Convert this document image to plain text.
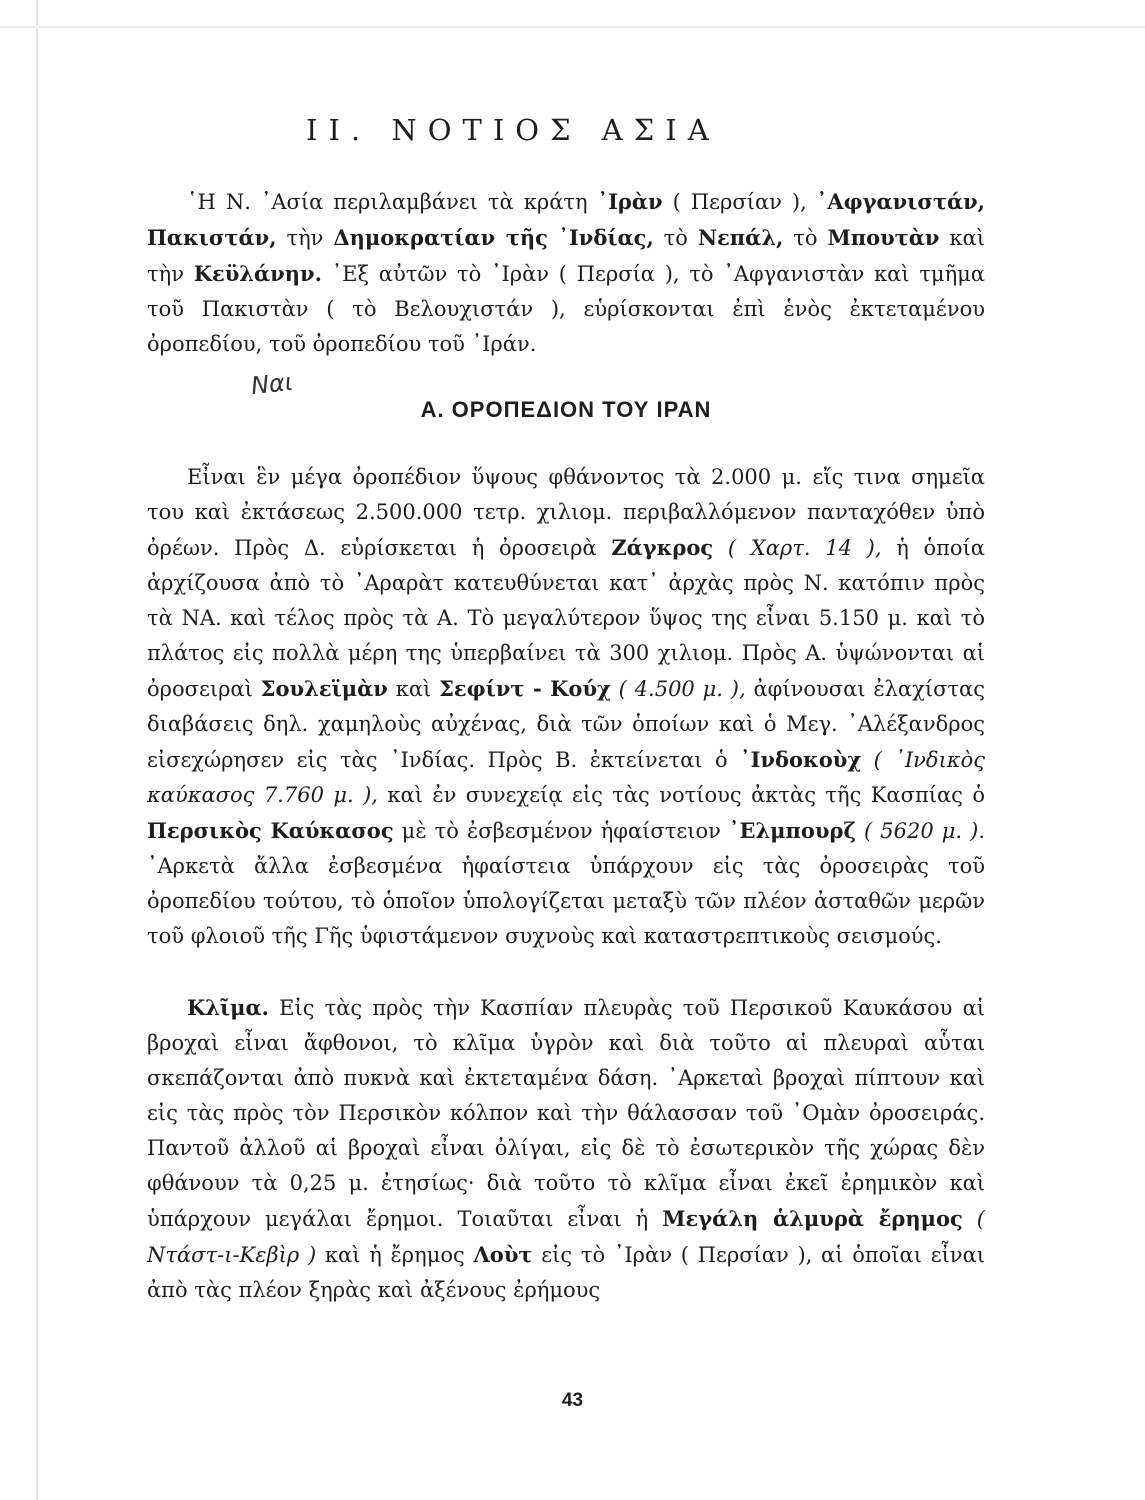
ΙΙ. ΝΟΤΙΟΣ ΑΣΙΑ

῾Η Ν. ᾿Ασία περιλαμβάνει τὰ κράτη ᾿Ιρὰν ( Περσίαν ), ᾿Αφγανιστάν, Πακιστάν, τὴν Δημοκρατίαν τῆς ᾿Ινδίας, τὸ Νεπάλ, τὸ Μπουτὰν καὶ τὴν Κεϋλάνην. ᾿Εξ αὐτῶν τὸ ᾿Ιρὰν ( Περσία ), τὸ ᾿Αφγανιστὰν καὶ τμῆμα τοῦ Πακιστὰν ( τὸ Βελουχιστάν ), εὑρίσκονται ἐπὶ ἑνὸς ἐκτεταμένου ὀροπεδίου, τοῦ ὀροπεδίου τοῦ ᾿Ιράν.

Ναι
Α. ΟΡΟΠΕΔΙΟΝ ΤΟΥ ΙΡΑΝ

Εἶναι ἓν μέγα ὀροπέδιον ὕψους φθάνοντος τὰ 2.000 μ. εἴς τινα σημεῖα του καὶ ἐκτάσεως 2.500.000 τετρ. χιλιομ. περιβαλλόμενον πανταχόθεν ὑπὸ ὀρέων. Πρὸς Δ. εὑρίσκεται ἡ ὀροσειρὰ Ζάγκρος ( Χαρτ. 14 ), ἡ ὁποία ἀρχίζουσα ἀπὸ τὸ ᾿Αραρὰτ κατευθύνεται κατ᾿ ἀρχὰς πρὸς Ν. κατόπιν πρὸς τὰ ΝΑ. καὶ τέλος πρὸς τὰ Α. Τὸ μεγαλύτερον ὕψος της εἶναι 5.150 μ. καὶ τὸ πλάτος εἰς πολλὰ μέρη της ὑπερβαίνει τὰ 300 χιλιομ. Πρὸς Α. ὑψώνονται αἱ ὀροσειραὶ Σουλεϊμὰν καὶ Σεφίντ - Κούχ ( 4.500 μ. ), ἀφίνουσαι ἐλαχίστας διαβάσεις δηλ. χαμηλοὺς αὐχένας, διὰ τῶν ὁποίων καὶ ὁ Μεγ. ᾿Αλέξανδρος εἰσεχώρησεν εἰς τὰς ᾿Ινδίας. Πρὸς Β. ἐκτείνεται ὁ ᾿Ινδοκοὺχ ( ᾿Ινδικὸς καύκασος 7.760 μ. ), καὶ ἐν συνεχείᾳ εἰς τὰς νοτίους ἀκτὰς τῆς Κασπίας ὁ Περσικὸς Καύκασος μὲ τὸ ἐσβεσμένον ἡφαίστειον ᾿Ελμπουρζ ( 5620 μ. ). ᾿Αρκετὰ ἄλλα ἐσβεσμένα ἡφαίστεια ὑπάρχουν εἰς τὰς ὀροσειρὰς τοῦ ὀροπεδίου τούτου, τὸ ὁποῖον ὑπολογίζεται μεταξὺ τῶν πλέον ἀσταθῶν μερῶν τοῦ φλοιοῦ τῆς Γῆς ὑφιστάμενον συχνοὺς καὶ καταστρεπτικοὺς σεισμούς.

Κλῖμα. Εἰς τὰς πρὸς τὴν Κασπίαν πλευρὰς τοῦ Περσικοῦ Καυκάσου αἱ βροχαὶ εἶναι ἄφθονοι, τὸ κλῖμα ὑγρὸν καὶ διὰ τοῦτο αἱ πλευραὶ αὗται σκεπάζονται ἀπὸ πυκνὰ καὶ ἐκτεταμένα δάση. ᾿Αρκεταὶ βροχαὶ πίπτουν καὶ εἰς τὰς πρὸς τὸν Περσικὸν κόλπον καὶ τὴν θάλασσαν τοῦ ᾿Ομὰν ὀροσειράς. Παντοῦ ἀλλοῦ αἱ βροχαὶ εἶναι ὀλίγαι, εἰς δὲ τὸ ἐσωτερικὸν τῆς χώρας δὲν φθάνουν τὰ 0,25 μ. ἐτησίως· διὰ τοῦτο τὸ κλῖμα εἶναι ἐκεῖ ἐρημικὸν καὶ ὑπάρχουν μεγάλαι ἔρημοι. Τοιαῦται εἶναι ἡ Μεγάλη ἁλμυρὰ ἔρημος ( Ντάστ-ι-Κεβὶρ ) καὶ ἡ ἔρημος Λοὺτ εἰς τὸ ᾿Ιρὰν ( Περσίαν ), αἱ ὁποῖαι εἶναι ἀπὸ τὰς πλέον ξηρὰς καὶ ἀξένους ἐρήμους

43
